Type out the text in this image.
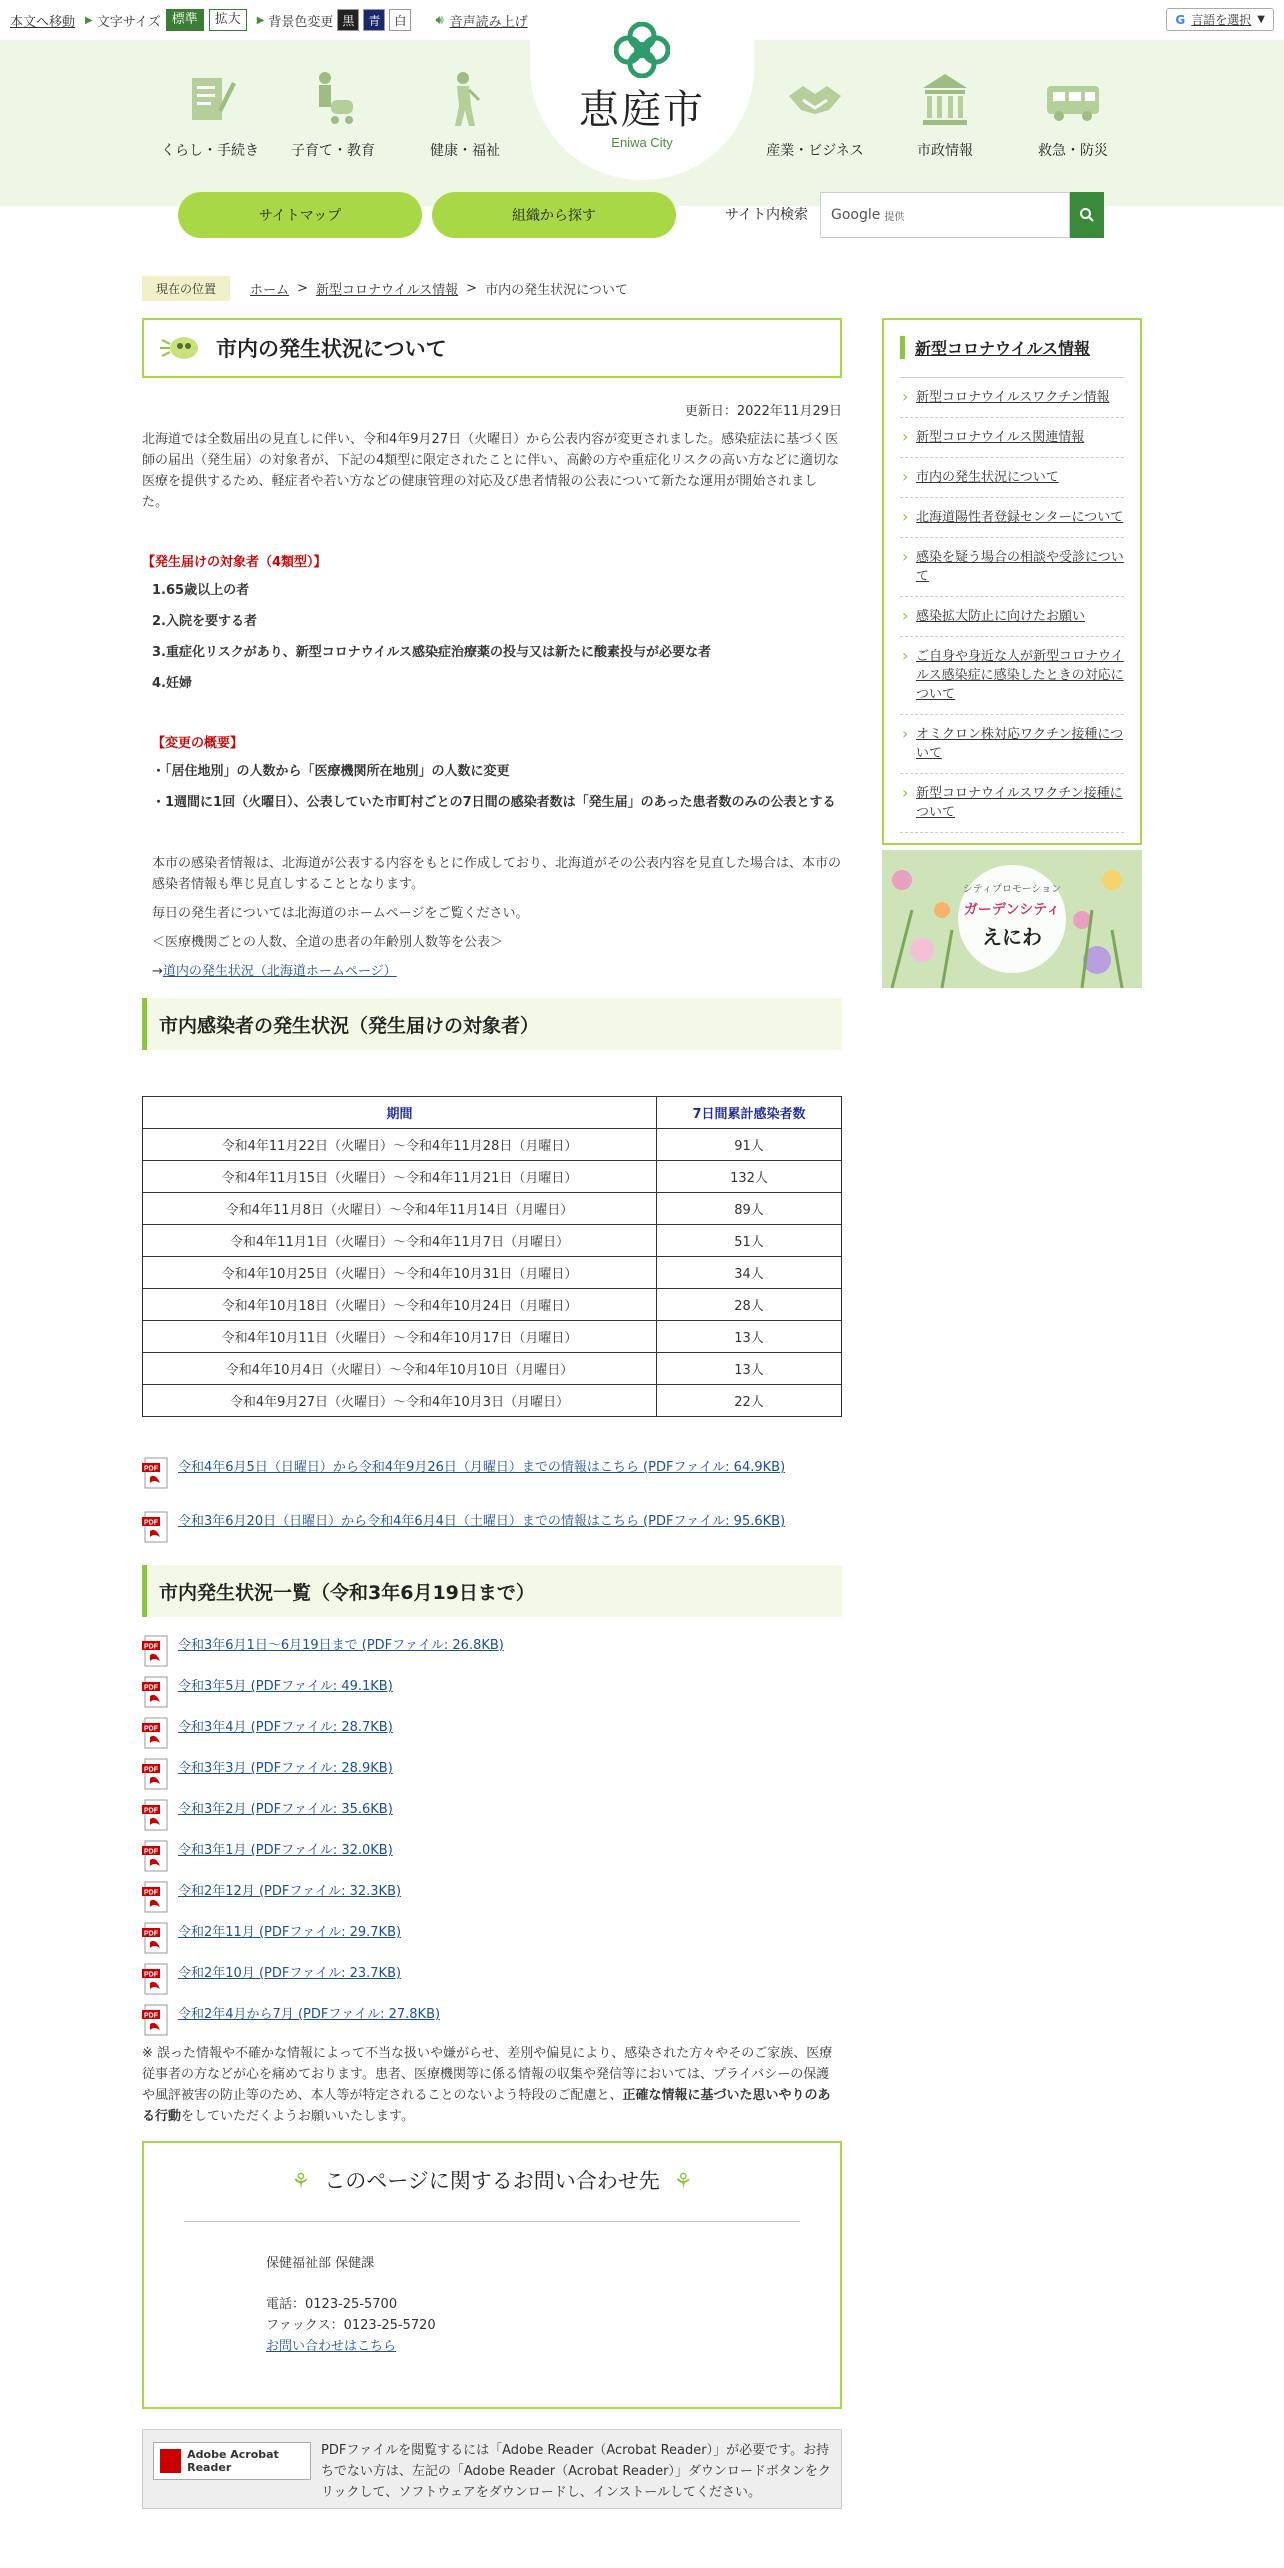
本文へ移動 ▶ 文字サイズ 標準	拡大	▶ 背景色変更 黒	青	白	🔊︎ 音声読み上げ	G 言語を選択 ▼
くらし・手続き 子育て・教育	健康・福祉
恵庭市
Eniwa City
産業・ビジネス	市政情報	救急・防災
サイトマップ	組織から探す	サイト内検索 Google 提供
現在の位置	ホーム > 新型コロナウイルス情報 > 市内の発生状況について
市内の発生状況について
更新日：2022年11月29日

北海道では全数届出の見直しに伴い、令和4年9月27日（火曜日）から公表内容が変更されました。感染症法に基づく医師の届出（発生届）の対象者が、下記の4類型に限定されたことに伴い、高齢の方や重症化リスクの高い方などに適切な医療を提供するため、軽症者や若い方などの健康管理の対応及び患者情報の公表について新たな運用が開始されました。

【発生届けの対象者（4類型）】
1.65歳以上の者
2.入院を要する者
3.重症化リスクがあり、新型コロナウイルス感染症治療薬の投与又は新たに酸素投与が必要な者
4.妊婦
【変更の概要】
・「居住地別」の人数から「医療機関所在地別」の人数に変更
・1週間に1回（火曜日）、公表していた市町村ごとの7日間の感染者数は「発生届」のあった患者数のみの公表とする

本市の感染者情報は、北海道が公表する内容をもとに作成しており、北海道がその公表内容を見直した場合は、本市の感染者情報も準じ見直しすることとなります。

毎日の発生者については北海道のホームページをご覧ください。

＜医療機関ごとの人数、全道の患者の年齢別人数等を公表＞

→道内の発生状況（北海道ホームページ）

市内感染者の発生状況（発生届けの対象者）
期間	7日間累計感染者数
令和4年11月22日（火曜日）～令和4年11月28日（月曜日）	91人
令和4年11月15日（火曜日）～令和4年11月21日（月曜日）	132人
令和4年11月8日（火曜日）～令和4年11月14日（月曜日）	89人
令和4年11月1日（火曜日）～令和4年11月7日（月曜日）	51人
令和4年10月25日（火曜日）～令和4年10月31日（月曜日）	34人
令和4年10月18日（火曜日）～令和4年10月24日（月曜日）	28人
令和4年10月11日（火曜日）～令和4年10月17日（月曜日）	13人
令和4年10月4日（火曜日）～令和4年10月10日（月曜日）	13人
令和4年9月27日（火曜日）～令和4年10月3日（月曜日）	22人
PDF 令和4年6月5日（日曜日）から令和4年9月26日（月曜日）までの情報はこちら (PDFファイル: 64.9KB)
PDF 令和3年6月20日（日曜日）から令和4年6月4日（土曜日）までの情報はこちら (PDFファイル: 95.6KB)
市内発生状況一覧（令和3年6月19日まで）
PDF 令和3年6月1日～6月19日まで (PDFファイル: 26.8KB)
PDF 令和3年5月 (PDFファイル: 49.1KB)
PDF 令和3年4月 (PDFファイル: 28.7KB)
PDF 令和3年3月 (PDFファイル: 28.9KB)
PDF 令和3年2月 (PDFファイル: 35.6KB)
PDF 令和3年1月 (PDFファイル: 32.0KB)
PDF 令和2年12月 (PDFファイル: 32.3KB)
PDF 令和2年11月 (PDFファイル: 29.7KB)
PDF 令和2年10月 (PDFファイル: 23.7KB)
PDF 令和2年4月から7月 (PDFファイル: 27.8KB)
※ 誤った情報や不確かな情報によって不当な扱いや嫌がらせ、差別や偏見により、感染された方々やそのご家族、医療従事者の方などが心を痛めております。患者、医療機関等に係る情報の収集や発信等においては、プライバシーの保護や風評被害の防止等のため、本人等が特定されることのないよう特段のご配慮と、正確な情報に基づいた思いやりのある行動をしていただくようお願いいたします。
⚘ このページに関するお問い合わせ先 ⚘
保健福祉部 保健課
電話：0123-25-5700
ファックス：0123-25-5720
お問い合わせはこちら
Adobe Acrobat Reader
PDFファイルを閲覧するには「Adobe Reader（Acrobat Reader）」が必要です。お持ちでない方は、左記の「Adobe Reader（Acrobat Reader）」ダウンロードボタンをクリックして、ソフトウェアをダウンロードし、インストールしてください。
新型コロナウイルス情報
› 新型コロナウイルスワクチン情報
› 新型コロナウイルス関連情報
› 市内の発生状況について
› 北海道陽性者登録センターについて
› 感染を疑う場合の相談や受診について
› 感染拡大防止に向けたお願い
› ご自身や身近な人が新型コロナウイルス感染症に感染したときの対応について
› オミクロン株対応ワクチン接種について
› 新型コロナウイルスワクチン接種について
シティプロモーション
ガーデンシティ
えにわ
